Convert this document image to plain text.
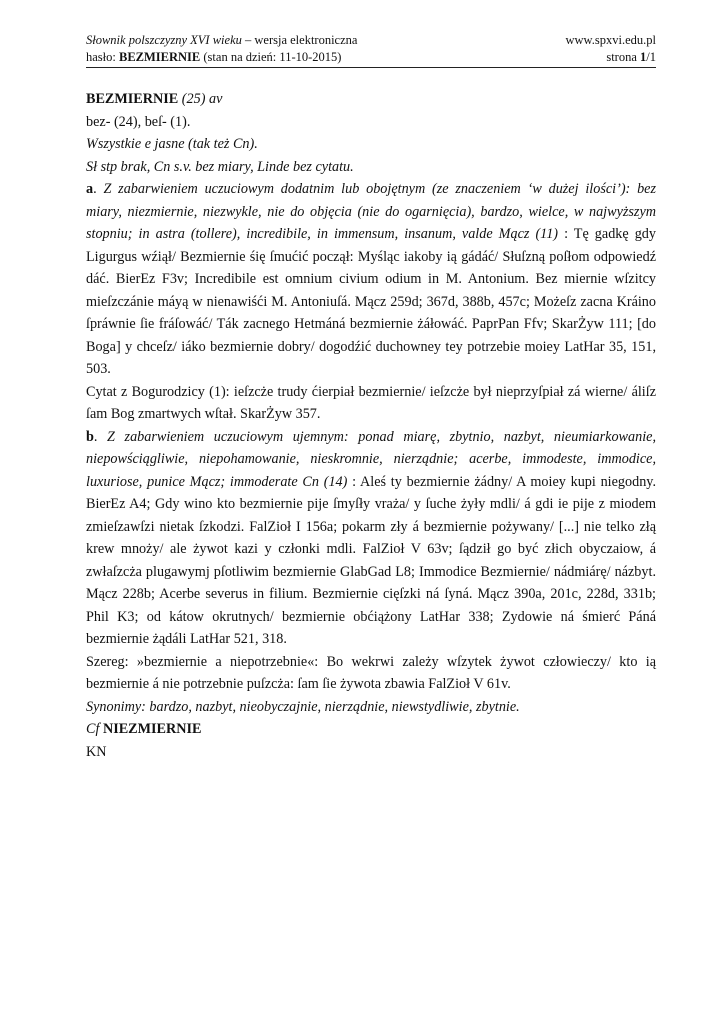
Słownik polszczyzny XVI wieku – wersja elektroniczna	www.spxvi.edu.pl
hasło: BEZMIERNIE (stan na dzień: 11-10-2015)	strona 1/1

BEZMIERNIE (25) av

bez- (24), beſ- (1).

Wszystkie e jasne (tak też Cn).

Sł stp brak, Cn s.v. bez miary, Linde bez cytatu.

a. Z zabarwieniem uczuciowym dodatnim lub obojętnym (ze znaczeniem ‘w dużej ilości’): bez miary, niezmiernie, niezwykle, nie do objęcia (nie do ogarnięcia), bardzo, wielce, w najwyższym stopniu; in astra (tollere), incredibile, in immensum, insanum, valde Mącz (11) : Tę gadkę gdy Ligurgus wźiął/ Bezmiernie śię ſmućić począł: Myśląc iakoby ią gádáć/ Słuſzną poſłom odpowiedź dáć. BierEz F3v; Incredibile est omnium civium odium in M. Antonium. Bez miernie wſzitcy mieſzczánie máyą w nienawiśći M. Antoniuſá. Mącz 259d; 367d, 388b, 457c; Możeſz zacna Kráino ſpráwnie ſie fráſowáć/ Ták zacnego Hetmáná bezmiernie żáłowáć. PaprPan Ffv; SkarŻyw 111; [do Boga] y chceſz/ iáko bezmiernie dobry/ dogodźić duchowney tey potrzebie moiey LatHar 35, 151, 503.

Cytat z Bogurodzicy (1): ieſzcże trudy ćierpiał bezmiernie/ ieſzcże był nieprzyſpiał zá wierne/ áliſz ſam Bog zmartwych wſtał. SkarŻyw 357.

b. Z zabarwieniem uczuciowym ujemnym: ponad miarę, zbytnio, nazbyt, nieumiarkowanie, niepowściągliwie, niepohamowanie, nieskromnie, nierządnie; acerbe, immodeste, immodice, luxuriose, punice Mącz; immoderate Cn (14) : Aleś ty bezmiernie żádny/ A moiey kupi niegodny. BierEz A4; Gdy wino kto bezmiernie pije ſmyſły vraża/ y ſuche żyły mdli/ á gdi ie pije z miodem zmieſzawſzi nietak ſzkodzi. FalZioł I 156a; pokarm zły á bezmiernie pożywany/ [...] nie telko złą krew mnoży/ ale żywot kazi y członki mdli. FalZioł V 63v; ſądził go być złich obyczaiow, á zwłaſzcża plugawymj pſotliwim bezmiernie GlabGad L8; Immodice Bezmiernie/ nádmiárę/ názbyt. Mącz 228b; Acerbe severus in filium. Bezmiernie cięſzki ná ſyná. Mącz 390a, 201c, 228d, 331b; Phil K3; od kátow okrutnych/ bezmiernie obćiążony LatHar 338; Zydowie ná śmierć Páná bezmiernie żądáli LatHar 521, 318.

Szereg: »bezmiernie a niepotrzebnie«: Bo wekrwi zależy wſzytek żywot człowieczy/ kto ią bezmiernie á nie potrzebnie puſzcża: ſam ſie żywota zbawia FalZioł V 61v.

Synonimy: bardzo, nazbyt, nieobyczajnie, nierządnie, niewstydliwie, zbytnie.

Cf NIEZMIERNIE

KN
